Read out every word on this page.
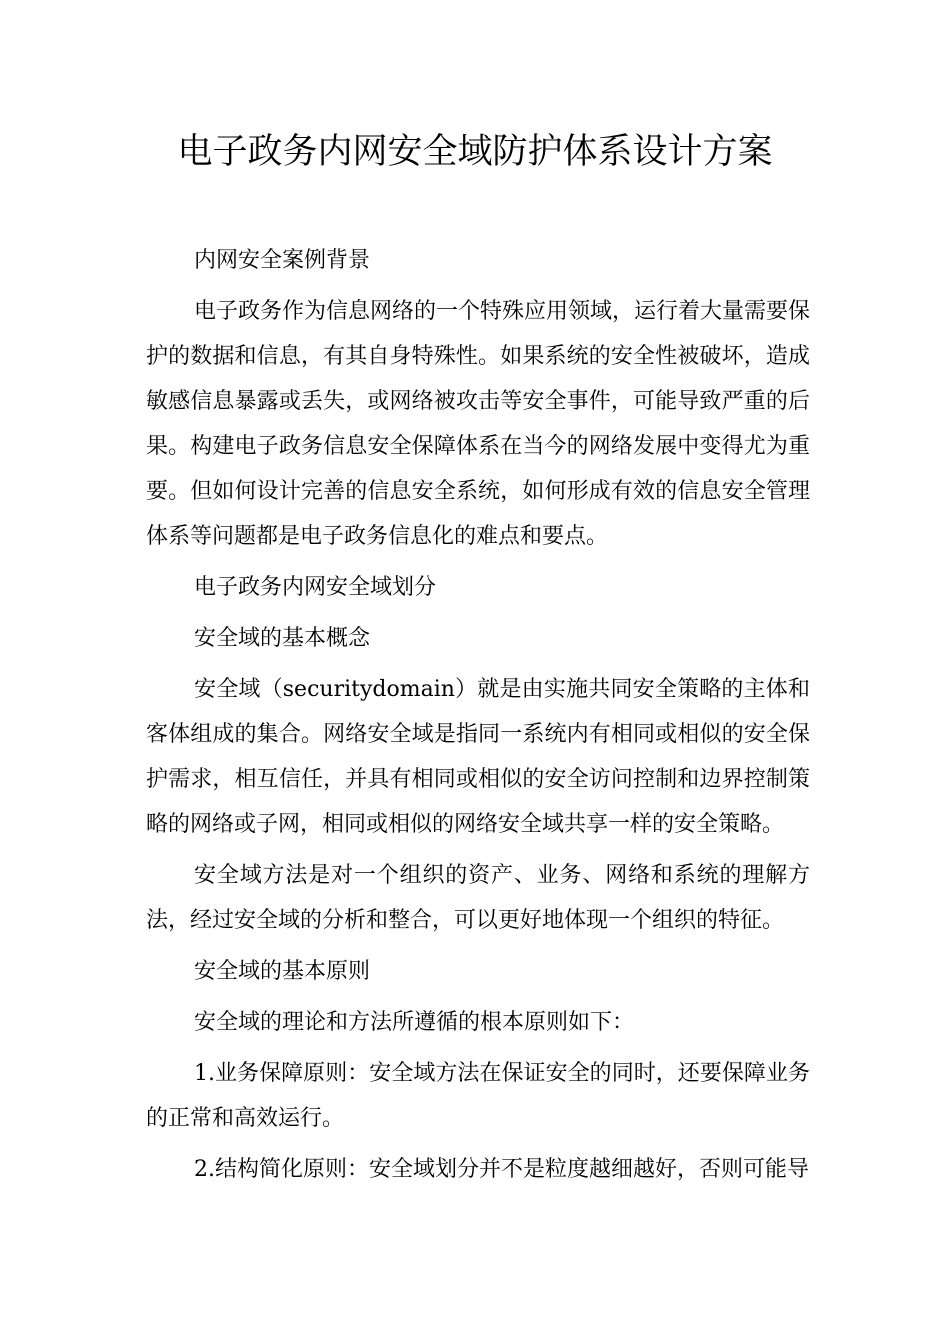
电子政务内网安全域防护体系设计方案

内网安全案例背景

电子政务作为信息网络的一个特殊应用领域，运行着大量需要保护的数据和信息，有其自身特殊性。如果系统的安全性被破坏，造成敏感信息暴露或丢失，或网络被攻击等安全事件，可能导致严重的后果。构建电子政务信息安全保障体系在当今的网络发展中变得尤为重要。但如何设计完善的信息安全系统，如何形成有效的信息安全管理体系等问题都是电子政务信息化的难点和要点。

电子政务内网安全域划分

安全域的基本概念

安全域（securitydomain）就是由实施共同安全策略的主体和客体组成的集合。网络安全域是指同一系统内有相同或相似的安全保护需求，相互信任，并具有相同或相似的安全访问控制和边界控制策略的网络或子网，相同或相似的网络安全域共享一样的安全策略。

安全域方法是对一个组织的资产、业务、网络和系统的理解方法，经过安全域的分析和整合，可以更好地体现一个组织的特征。

安全域的基本原则

安全域的理论和方法所遵循的根本原则如下：

1.业务保障原则：安全域方法在保证安全的同时，还要保障业务的正常和高效运行。

2.结构简化原则：安全域划分并不是粒度越细越好，否则可能导
